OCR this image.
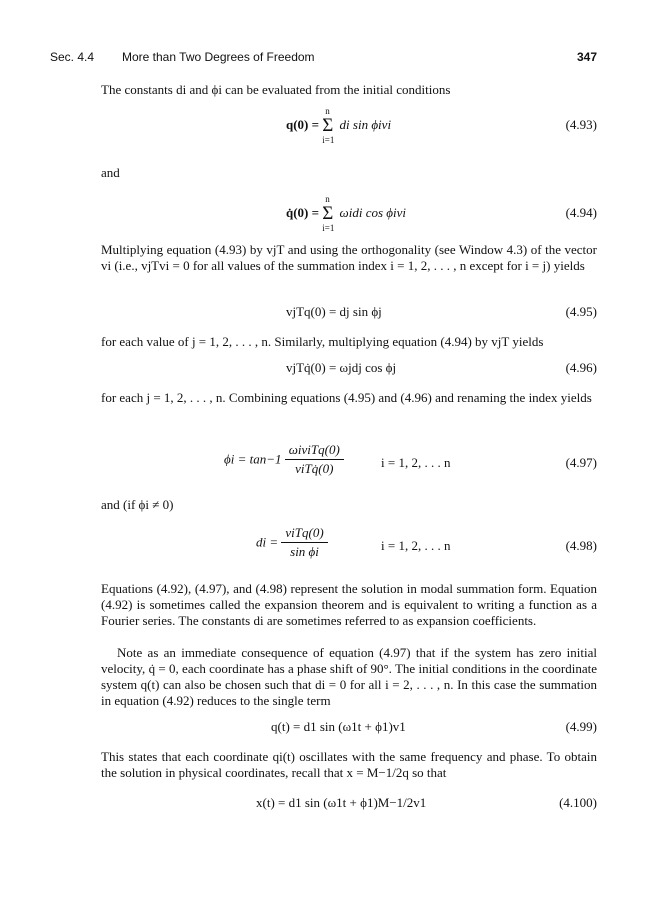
Sec. 4.4 More than Two Degrees of Freedom	347
The constants di and ϕi can be evaluated from the initial conditions
q(0) =
n
Σ
i=1
di sin ϕivi	(4.93)
and
q̇(0) =
n
Σ
i=1
ωidi cos ϕivi	(4.94)
Multiplying equation (4.93) by vjT and using the orthogonality (see Window 4.3) of the vector vi (i.e., vjTvi = 0 for all values of the summation index i = 1, 2, . . . , n except for i = j) yields
vjTq(0) = dj sin ϕj	(4.95)
for each value of j = 1, 2, . . . , n. Similarly, multiplying equation (4.94) by vjT yields
vjTq̇(0) = ωjdj cos ϕj	(4.96)
for each j = 1, 2, . . . , n. Combining equations (4.95) and (4.96) and renaming the index yields
$\phi i = \tan-1 \frac{\text{ωiviTq(0)}}{\text{viTq̇(0)}}$	i = 1, 2, . . . n	(4.97)
and (if ϕi ≠ 0)
di = $\frac{\text{viTq(0)}}{\text{sin ϕi}}$	i = 1, 2, . . . n	(4.98)
Equations (4.92), (4.97), and (4.98) represent the solution in modal summation form. Equation (4.92) is sometimes called the expansion theorem and is equivalent to writing a function as a Fourier series. The constants di are sometimes referred to as expansion coefficients.
Note as an immediate consequence of equation (4.97) that if the system has zero initial velocity, q̇ = 0, each coordinate has a phase shift of 90°. The initial conditions in the coordinate system q(t) can also be chosen such that di = 0 for all i = 2, . . . , n. In this case the summation in equation (4.92) reduces to the single term
q(t) = d1 sin (ω1t + ϕ1)v1	(4.99)
This states that each coordinate qi(t) oscillates with the same frequency and phase. To obtain the solution in physical coordinates, recall that x = M−1/2q so that
x(t) = d1 sin (ω1t + ϕ1)M−1/2v1	(4.100)
